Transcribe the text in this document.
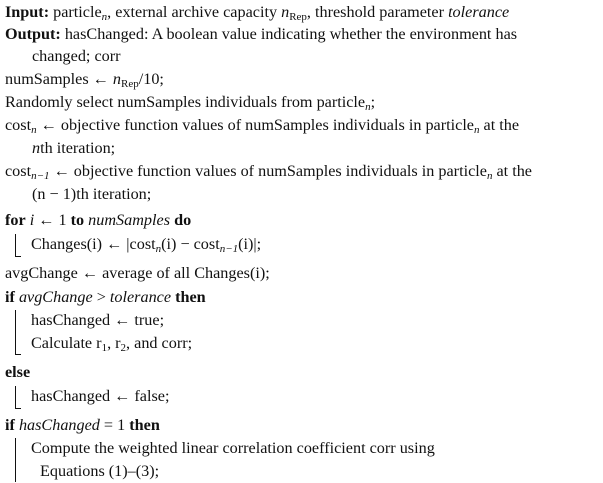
Input: particle$_n$, external archive capacity $n_{Rep}$, threshold parameter tolerance
Output: hasChanged: A boolean value indicating whether the environment has
changed; corr
numSamples ← $n_{Rep}/10$;
Randomly select numSamples individuals from particle$_n$;
cost$_n$ ← objective function values of numSamples individuals in particle$_n$ at the
nth iteration;
cost$_{n-1}$ ← objective function values of numSamples individuals in particle$_n$ at the
(n − 1)th iteration;
for i ← 1 to numSamples do
Changes(i) ← |cost$_n$(i) − cost$_{n-1}$(i)|;
avgChange ← average of all Changes(i);
if avgChange > tolerance then
hasChanged ← true;
Calculate $r_1$, $r_2$, and corr;
else
hasChanged ← false;
if hasChanged = 1 then
Compute the weighted linear correlation coefficient corr using
Equations (1)–(3);
